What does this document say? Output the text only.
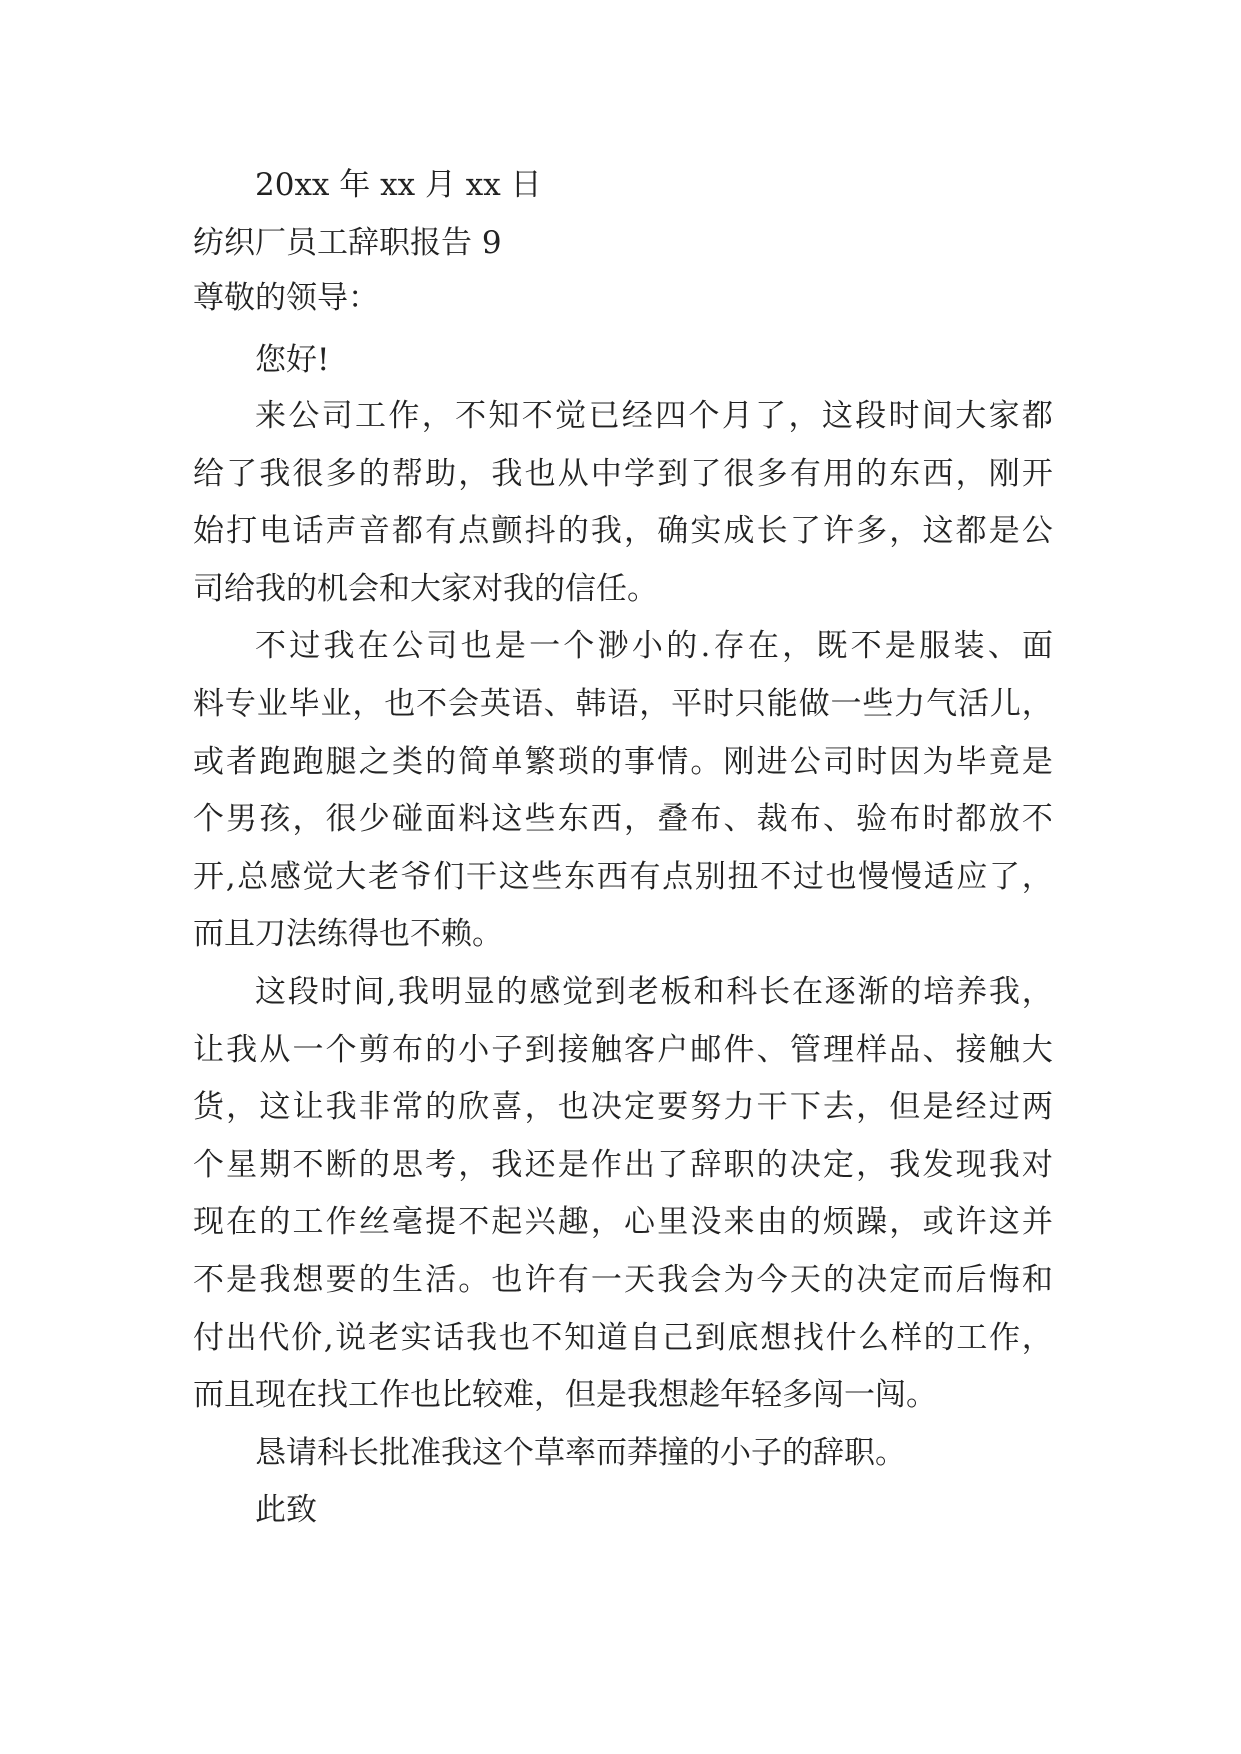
20xx 年 xx 月 xx 日
纺织厂员工辞职报告 9
尊敬的领导：
您好!
来 公 司 工 作 ， 不 知 不 觉 已 经 四 个 月 了 ， 这 段 时 间 大 家 都
给 了 我 很 多 的 帮 助 ， 我 也 从 中 学 到 了 很 多 有 用 的 东 西 ， 刚 开
始 打 电 话 声 音 都 有 点 颤 抖 的 我 ， 确 实 成 长 了 许 多 ， 这 都 是 公
司给我的机会和大家对我的信任。
不 过 我 在 公 司 也 是 一 个 渺 小 的 . 存 在 ， 既 不 是 服 装 、 面
料 专 业 毕 业 ， 也 不 会 英 语 、 韩 语 ， 平 时 只 能 做 一 些 力 气 活 儿 ，
或 者 跑 跑 腿 之 类 的 简 单 繁 琐 的 事 情 。 刚 进 公 司 时 因 为 毕 竟 是
个 男 孩 ， 很 少 碰 面 料 这 些 东 西 ， 叠 布 、 裁 布 、 验 布 时 都 放 不
开 , 总 感 觉 大 老 爷 们 干 这 些 东 西 有 点 别 扭 不 过 也 慢 慢 适 应 了 ，
而且刀法练得也不赖。
这 段 时 间 , 我 明 显 的 感 觉 到 老 板 和 科 长 在 逐 渐 的 培 养 我 ，
让 我 从 一 个 剪 布 的 小 子 到 接 触 客 户 邮 件 、 管 理 样 品 、 接 触 大
货 ， 这 让 我 非 常 的 欣 喜 ， 也 决 定 要 努 力 干 下 去 ， 但 是 经 过 两
个 星 期 不 断 的 思 考 ， 我 还 是 作 出 了 辞 职 的 决 定 ， 我 发 现 我 对
现 在 的 工 作 丝 毫 提 不 起 兴 趣 ， 心 里 没 来 由 的 烦 躁 ， 或 许 这 并
不 是 我 想 要 的 生 活 。 也 许 有 一 天 我 会 为 今 天 的 决 定 而 后 悔 和
付 出 代 价 , 说 老 实 话 我 也 不 知 道 自 己 到 底 想 找 什 么 样 的 工 作 ，
而且现在找工作也比较难，但是我想趁年轻多闯一闯。
恳请科长批准我这个草率而莽撞的小子的辞职。
此致
